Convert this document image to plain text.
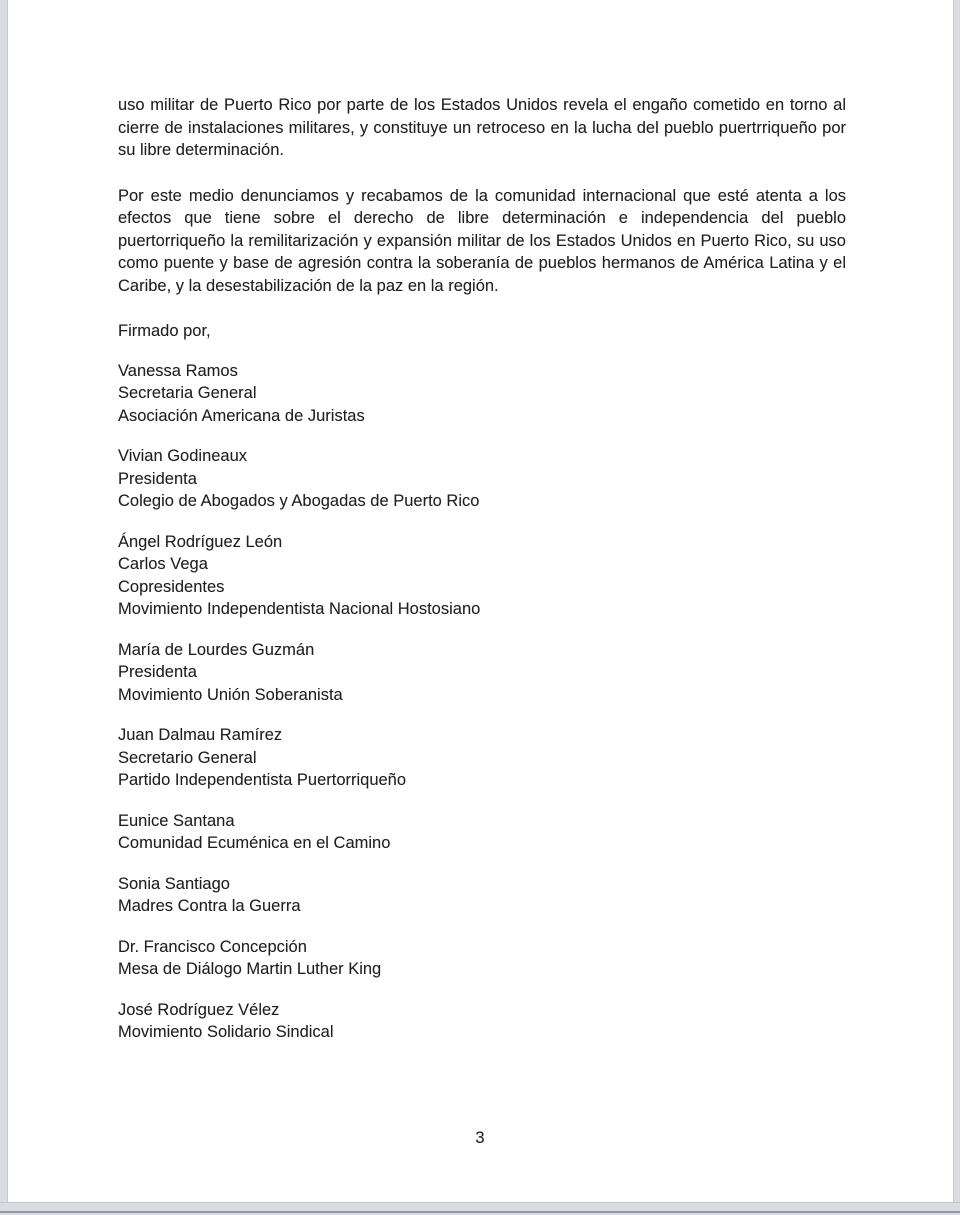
uso militar de Puerto Rico por parte de los Estados Unidos revela el engaño cometido en torno al cierre de instalaciones militares, y constituye un retroceso en la lucha del pueblo puertrriqueño por su libre determinación.

Por este medio denunciamos y recabamos de la comunidad internacional que esté atenta a los efectos que tiene sobre el derecho de libre determinación e independencia del pueblo puertorriqueño la remilitarización y expansión militar de los Estados Unidos en Puerto Rico, su uso como puente y base de agresión contra la soberanía de pueblos hermanos de América Latina y el Caribe, y la desestabilización de la paz en la región.

Firmado por,

Vanessa Ramos
Secretaria General
Asociación Americana de Juristas
Vivian Godineaux
Presidenta
Colegio de Abogados y Abogadas de Puerto Rico
Ángel Rodríguez León
Carlos Vega
Copresidentes
Movimiento Independentista Nacional Hostosiano
María de Lourdes Guzmán
Presidenta
Movimiento Unión Soberanista
Juan Dalmau Ramírez
Secretario General
Partido Independentista Puertorriqueño
Eunice Santana
Comunidad Ecuménica en el Camino
Sonia Santiago
Madres Contra la Guerra
Dr. Francisco Concepción
Mesa de Diálogo Martin Luther King
José Rodríguez Vélez
Movimiento Solidario Sindical
3
